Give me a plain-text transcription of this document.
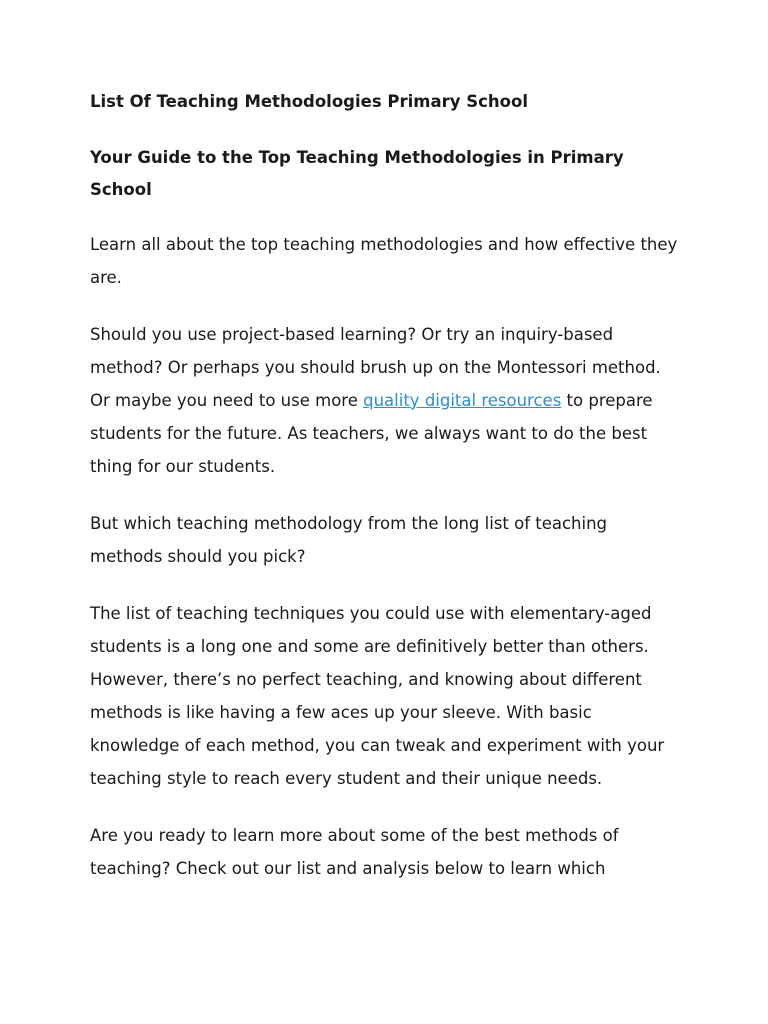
List Of Teaching Methodologies Primary School
Your Guide to the Top Teaching Methodologies in Primary School

Learn all about the top teaching methodologies and how effective they are.

Should you use project-based learning? Or try an inquiry-based method? Or perhaps you should brush up on the Montessori method. Or maybe you need to use more quality digital resources to prepare students for the future. As teachers, we always want to do the best thing for our students.

But which teaching methodology from the long list of teaching methods should you pick?

The list of teaching techniques you could use with elementary-aged students is a long one and some are definitively better than others. However, there’s no perfect teaching, and knowing about different methods is like having a few aces up your sleeve. With basic knowledge of each method, you can tweak and experiment with your teaching style to reach every student and their unique needs.

Are you ready to learn more about some of the best methods of teaching? Check out our list and analysis below to learn which
